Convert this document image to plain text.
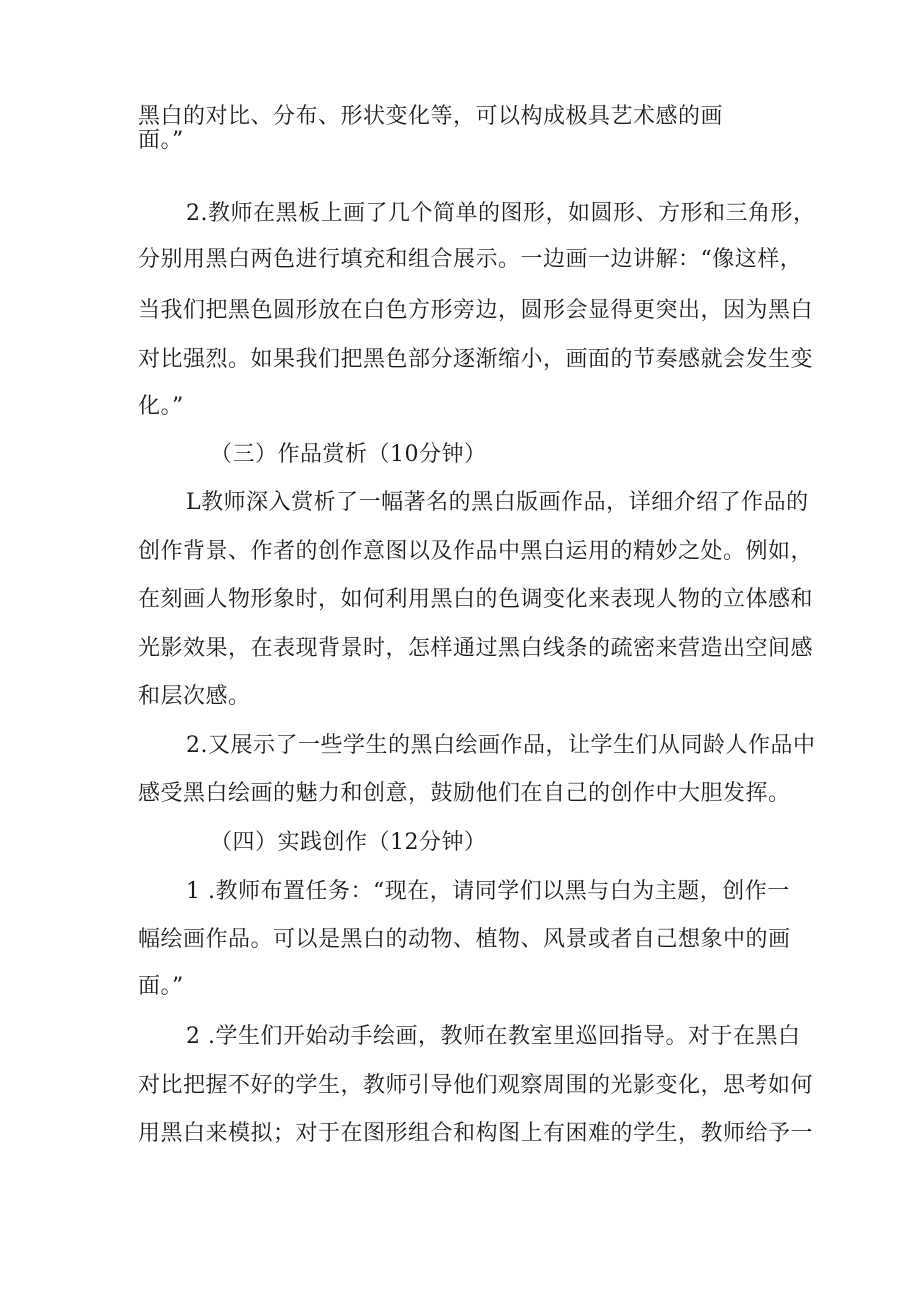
黑白的对比、分布、形状变化等，可以构成极具艺术感的画
面。”
2.教师在黑板上画了几个简单的图形，如圆形、方形和三角形，
分别用黑白两色进行填充和组合展示。一边画一边讲解：“像这样，
当我们把黑色圆形放在白色方形旁边，圆形会显得更突出，因为黑白
对比强烈。如果我们把黑色部分逐渐缩小，画面的节奏感就会发生变
化。”
（三）作品赏析（10分钟）
L教师深入赏析了一幅著名的黑白版画作品，详细介绍了作品的
创作背景、作者的创作意图以及作品中黑白运用的精妙之处。例如，
在刻画人物形象时，如何利用黑白的色调变化来表现人物的立体感和
光影效果，在表现背景时，怎样通过黑白线条的疏密来营造出空间感
和层次感。
2.又展示了一些学生的黑白绘画作品，让学生们从同龄人作品中
感受黑白绘画的魅力和创意，鼓励他们在自己的创作中大胆发挥。
（四）实践创作（12分钟）
1 .教师布置任务：“现在，请同学们以黑与白为主题，创作一
幅绘画作品。可以是黑白的动物、植物、风景或者自己想象中的画
面。”
2 .学生们开始动手绘画，教师在教室里巡回指导。对于在黑白
对比把握不好的学生，教师引导他们观察周围的光影变化，思考如何
用黑白来模拟；对于在图形组合和构图上有困难的学生，教师给予一
